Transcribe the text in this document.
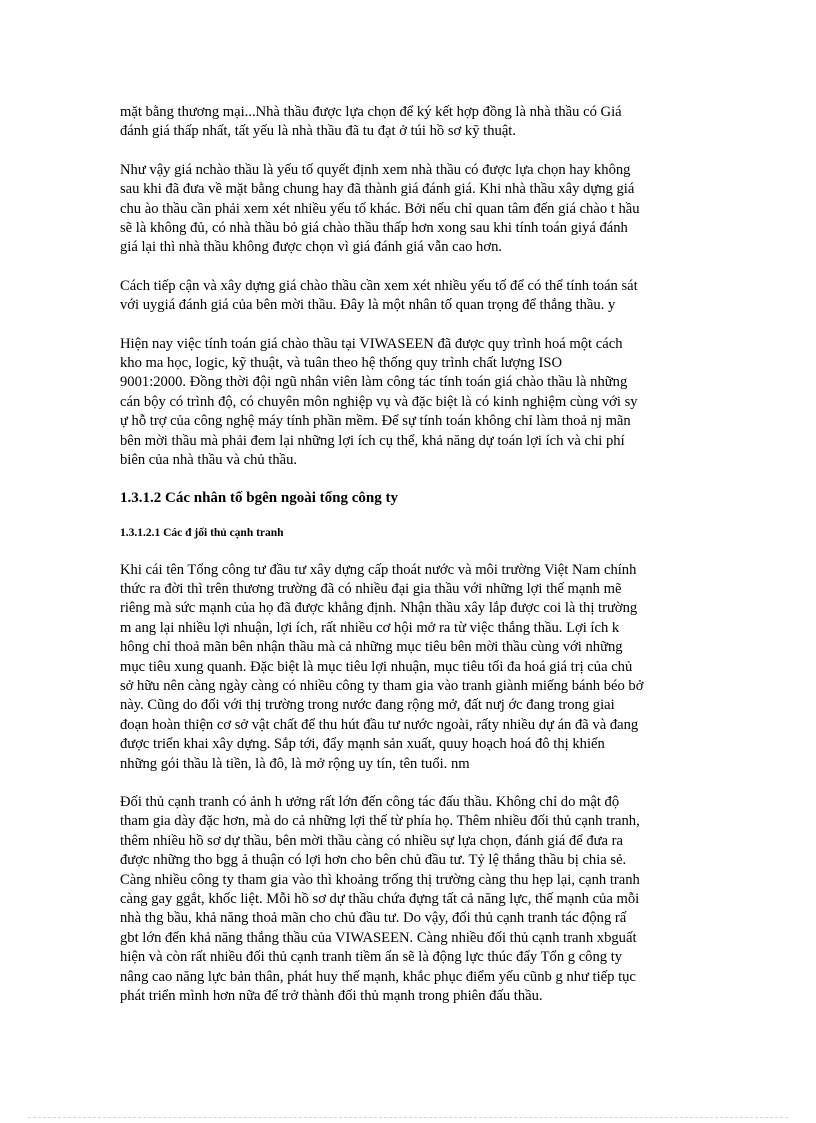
mặt bằng thương mại...Nhà thầu được lựa chọn để ký kết hợp đồng là nhà thầu có Giá
đánh giá thấp nhất, tất yếu là nhà thầu đã tu đạt ở túi hồ sơ kỹ thuật.
Như vậy giá nchào thầu là yếu tố quyết định xem nhà thầu có được lựa chọn hay không
sau khi đã đưa về mặt bằng chung hay đã thành giá đánh giá. Khi nhà thầu xây dựng giá
chu ào thầu cần phải xem xét nhiều yếu tố khác. Bởi nếu chỉ quan tâm đến giá chào t hầu
sẽ là không đủ, có nhà thầu bỏ giá chào thầu thấp hơn xong sau khi tính toán giyá đánh
giá lại thì nhà thầu không được chọn vì giá đánh giá vẫn cao hơn.
Cách tiếp cận và xây dựng giá chào thầu cần xem xét nhiều yếu tố để có thể tính toán sát
với uygiá đánh giá của bên mời thầu. Đây là một nhân tố quan trọng để thắng thầu. y
Hiện nay việc tính toán giá chào thầu tại VIWASEEN đã được quy trình hoá một cách
kho ma học, logic, kỹ thuật, và tuân theo hệ thống quy trình chất lượng ISO
9001:2000. Đồng thời đội ngũ nhân viên làm công tác tính toán giá chào thầu là những
cán bộy có trình độ, có chuyên môn nghiệp vụ và đặc biệt là có kinh nghiệm cùng với sy
ự hỗ trợ của công nghệ máy tính phần mềm. Để sự tính toán không chỉ làm thoả nj mãn
bên mời thầu mà phải đem lại những lợi ích cụ thể, khả năng dự toán lợi ích và chi phí
biên của nhà thầu và chủ thầu.
1.3.1.2 Các nhân tố bgên ngoài tổng công ty
1.3.1.2.1 Các đ jối thủ cạnh tranh
Khi cái tên Tổng công tư đầu tư xây dựng cấp thoát nước và môi trường Việt Nam chính
thức ra đời thì trên thương trường đã có nhiều đại gia thầu với những lợi thế mạnh mẽ
riêng mà sức mạnh của họ đã được khẳng định. Nhận thầu xây lắp được coi là thị trường
m ang lại nhiều lợi nhuận, lợi ích, rất nhiều cơ hội mở ra từ việc thắng thầu. Lợi ích k
hông chỉ thoả mãn bên nhận thầu mà cả những mục tiêu bên mời thầu cùng với những
mục tiêu xung quanh. Đặc biệt là mục tiêu lợi nhuận, mục tiêu tối đa hoá giá trị của chủ
sở hữu nên càng ngày càng có nhiều công ty tham gia vào tranh giành miếng bánh béo bở
này. Cũng do đối với thị trường trong nước đang rộng mở, đất nưj ớc đang trong giai
đoạn hoàn thiện cơ sở vật chất để thu hút đầu tư nước ngoài, rấty nhiều dự án đã và đang
được triển khai xây dựng. Sắp tới, đẩy mạnh sản xuất, quuy hoạch hoá đô thị khiến
những gói thầu là tiền, là đô, là mở rộng uy tín, tên tuổi. nm
Đối thủ cạnh tranh có ảnh h ưởng rất lớn đến công tác đấu thầu. Không chỉ do mật độ
tham gia dày đặc hơn, mà do cả những lợi thế từ phía họ. Thêm nhiều đối thủ cạnh tranh,
thêm nhiều hồ sơ dự thầu, bên mời thầu càng có nhiều sự lựa chọn, đánh giá để đưa ra
được những tho bgg ả thuận có lợi hơn cho bên chủ đầu tư. Tỷ lệ thắng thầu bị chia sẻ.
Càng nhiều công ty tham gia vào thì khoảng trống thị trường càng thu hẹp lại, cạnh tranh
càng gay ggắt, khốc liệt. Mỗi hồ sơ dự thầu chứa đựng tất cả năng lực, thế mạnh của mỗi
nhà thg bầu, khả năng thoả mãn cho chủ đầu tư. Do vậy, đối thủ cạnh tranh tác động rấ
gbt lớn đến khả năng thắng thầu của VIWASEEN. Càng nhiều đối thủ cạnh tranh xbguất
hiện và còn rất nhiều đối thủ cạnh tranh tiềm ẩn sẽ là động lực thúc đẩy Tổn g công ty
nâng cao năng lực bản thân, phát huy thế mạnh, khắc phục điểm yếu cũnb g như tiếp tục
phát triển mình hơn nữa để trở thành đối thủ mạnh trong phiên đấu thầu.
